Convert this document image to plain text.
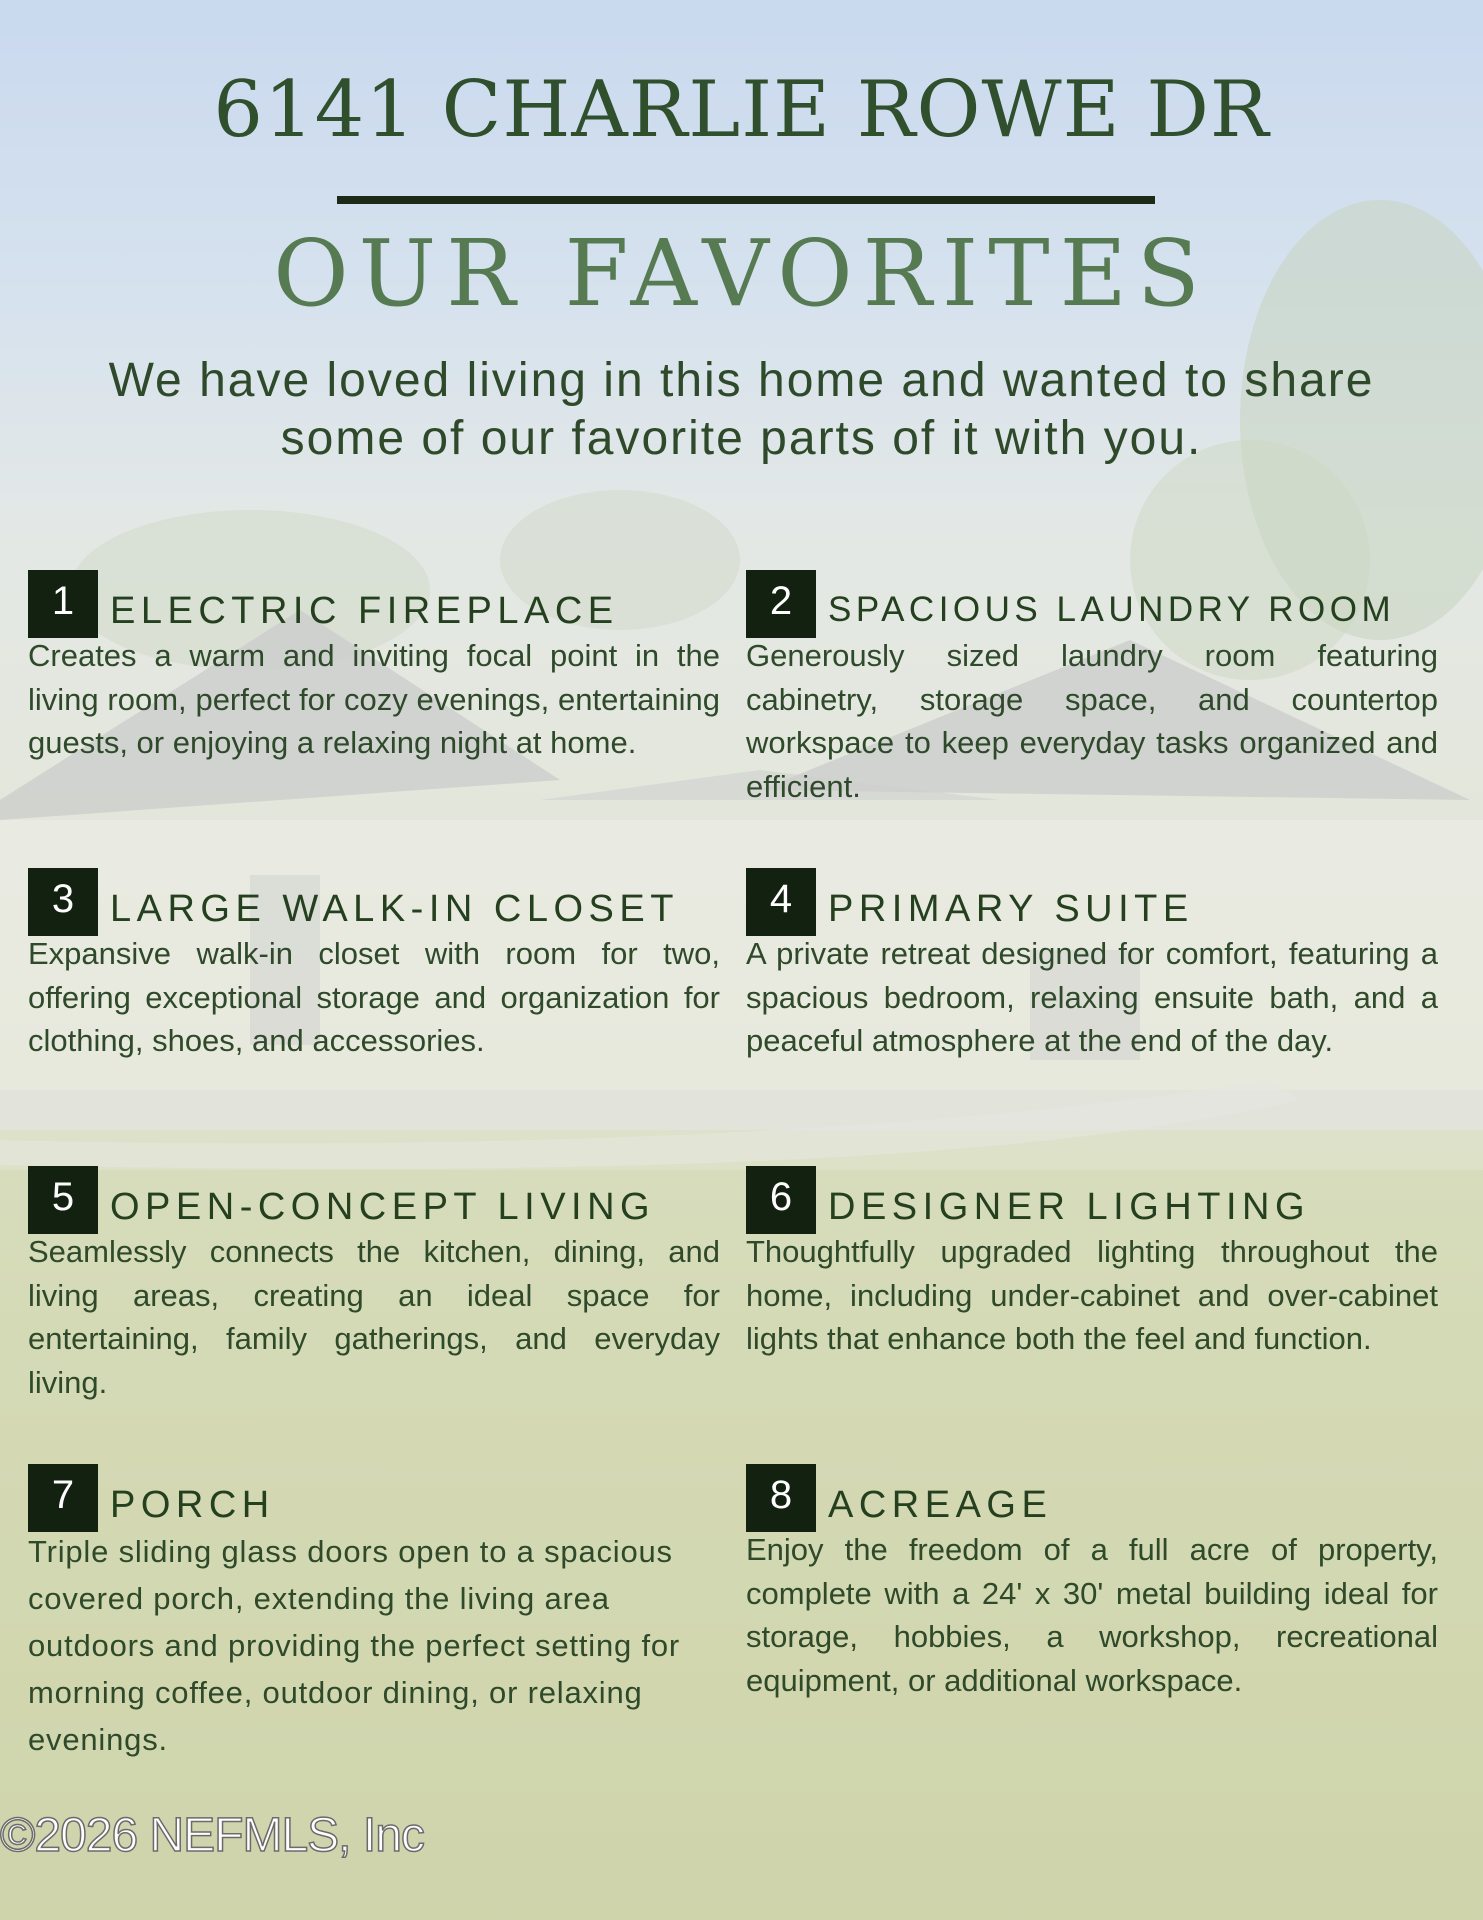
6141 CHARLIE ROWE DR
OUR FAVORITES
We have loved living in this home and wanted to share some of our favorite parts of it with you.
1 ELECTRIC FIREPLACE
Creates a warm and inviting focal point in the living room, perfect for cozy evenings, entertaining guests, or enjoying a relaxing night at home.
2	SPACIOUS LAUNDRY ROOM
Generously sized laundry room featuring cabinetry, storage space, and countertop workspace to keep everyday tasks organized and efficient.
3 LARGE WALK-IN CLOSET
Expansive walk-in closet with room for two, offering exceptional storage and organization for clothing, shoes, and accessories.
4 PRIMARY SUITE
A private retreat designed for comfort, featuring a spacious bedroom, relaxing ensuite bath, and a peaceful atmosphere at the end of the day.
5 OPEN-CONCEPT LIVING
Seamlessly connects the kitchen, dining, and living areas, creating an ideal space for entertaining, family gatherings, and everyday living.
6 DESIGNER LIGHTING
Thoughtfully upgraded lighting throughout the home, including under-cabinet and over-cabinet lights that enhance both the feel and function.
7 PORCH
Triple sliding glass doors open to a spacious covered porch, extending the living area outdoors and providing the perfect setting for morning coffee, outdoor dining, or relaxing evenings.
8 ACREAGE
Enjoy the freedom of a full acre of property, complete with a 24' x 30' metal building ideal for storage, hobbies, a workshop, recreational equipment, or additional workspace.
©2026 NEFMLS, Inc
